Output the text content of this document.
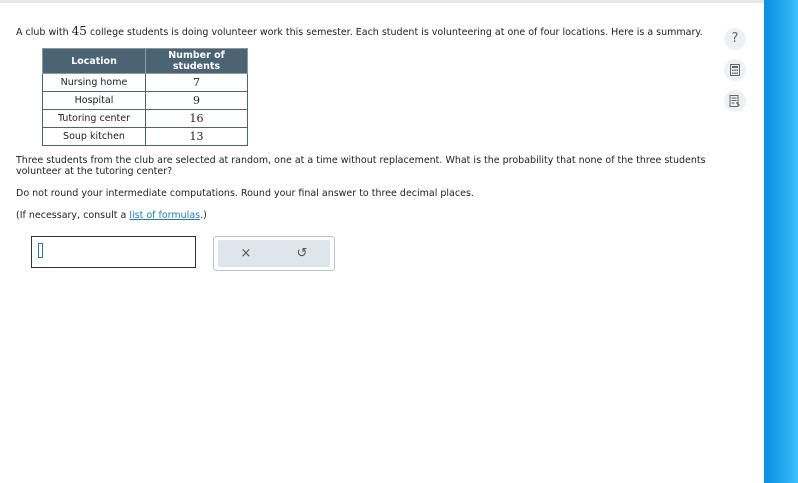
A club with 45 college students is doing volunteer work this semester. Each student is volunteering at one of four locations. Here is a summary.
Location	Number of students
Nursing home	7
Hospital	9
Tutoring center	16
Soup kitchen	13
Three students from the club are selected at random, one at a time without replacement. What is the probability that none of the three students volunteer at the tutoring center?
Do not round your intermediate computations. Round your final answer to three decimal places.
(If necessary, consult a list of formulas.)
×	↺
?
